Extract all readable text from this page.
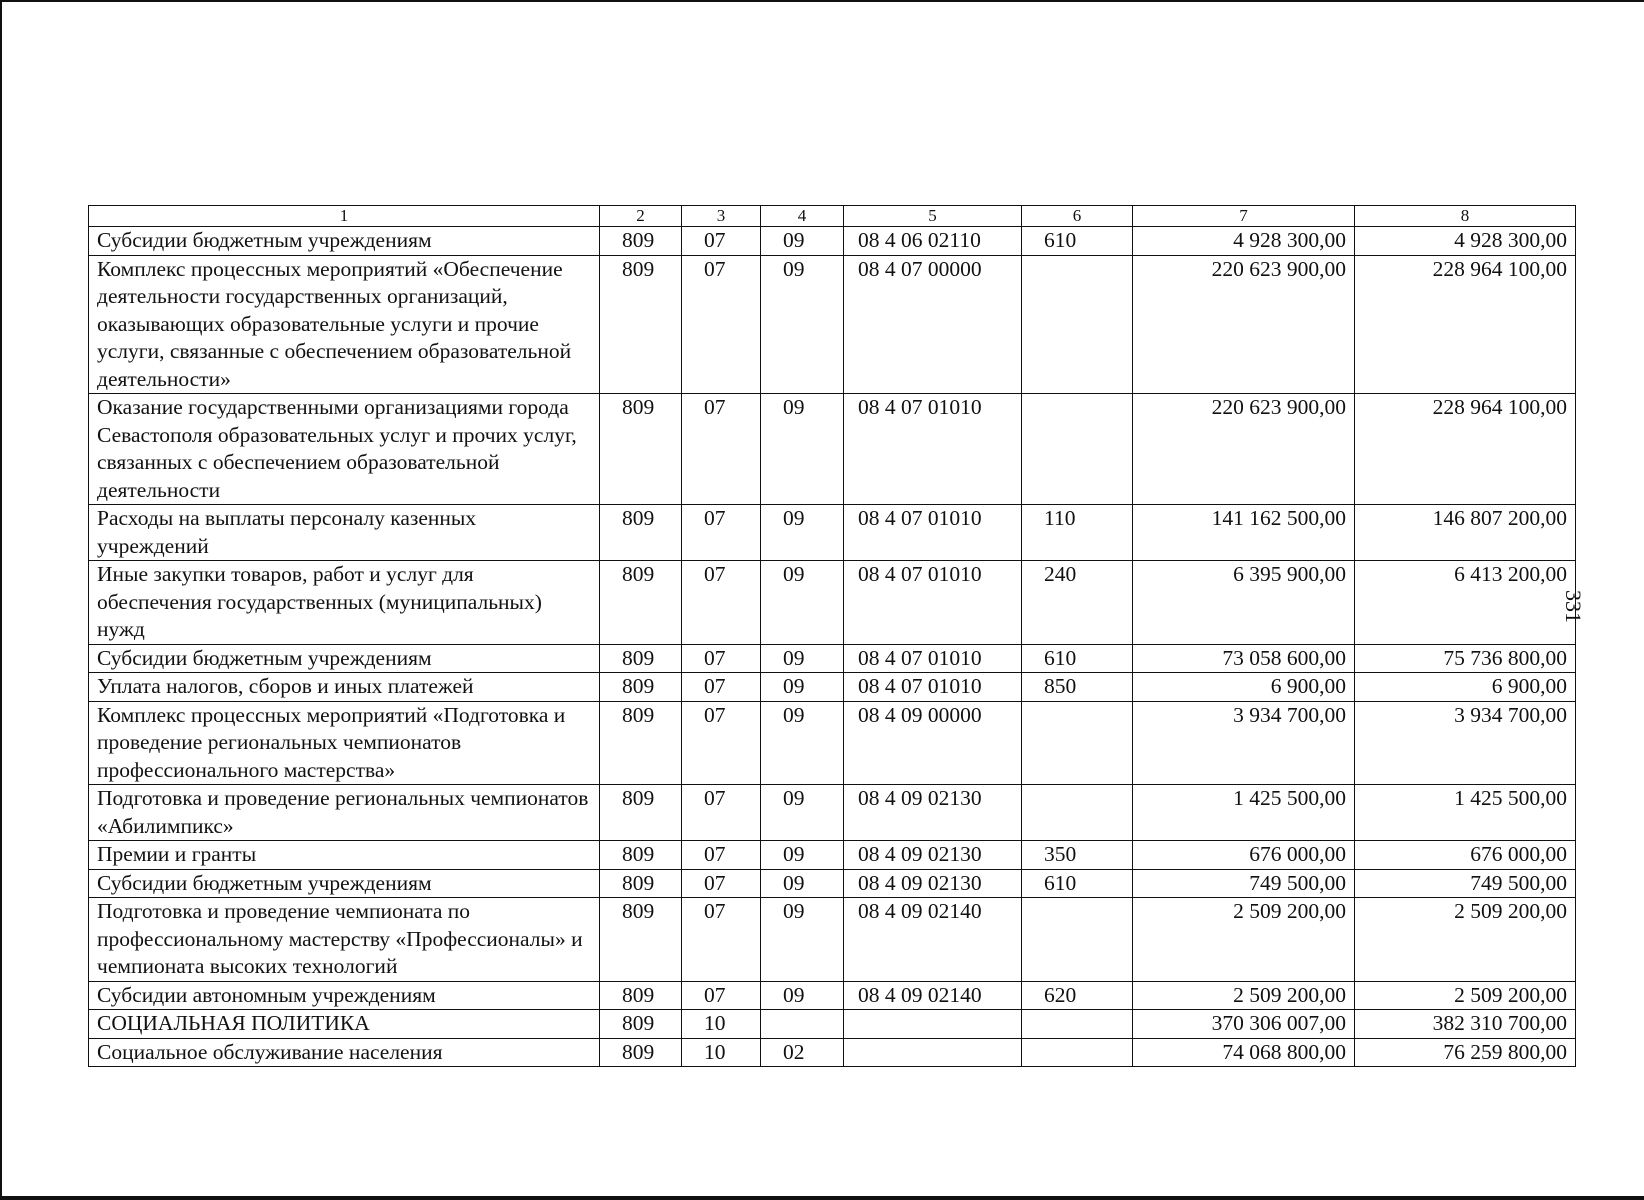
1	2	3	4	5	6	7	8
Субсидии бюджетным учреждениям	809	07	09	08 4 06 02110	610	4 928 300,00	4 928 300,00
Комплекс процессных мероприятий «Обеспечение деятельности государственных организаций, оказывающих образовательные услуги и прочие услуги, связанные с обеспечением образовательной деятельности»	809	07	09	08 4 07 00000		220 623 900,00	228 964 100,00
Оказание государственными организациями города Севастополя образовательных услуг и прочих услуг, связанных с обеспечением образовательной деятельности	809	07	09	08 4 07 01010		220 623 900,00	228 964 100,00
Расходы на выплаты персоналу казенных учреждений	809	07	09	08 4 07 01010	110	141 162 500,00	146 807 200,00
Иные закупки товаров, работ и услуг для обеспечения государственных (муниципальных) нужд	809	07	09	08 4 07 01010	240	6 395 900,00	6 413 200,00
Субсидии бюджетным учреждениям	809	07	09	08 4 07 01010	610	73 058 600,00	75 736 800,00
Уплата налогов, сборов и иных платежей	809	07	09	08 4 07 01010	850	6 900,00	6 900,00
Комплекс процессных мероприятий «Подготовка и проведение региональных чемпионатов профессионального мастерства»	809	07	09	08 4 09 00000		3 934 700,00	3 934 700,00
Подготовка и проведение региональных чемпионатов «Абилимпикс»	809	07	09	08 4 09 02130		1 425 500,00	1 425 500,00
Премии и гранты	809	07	09	08 4 09 02130	350	676 000,00	676 000,00
Субсидии бюджетным учреждениям	809	07	09	08 4 09 02130	610	749 500,00	749 500,00
Подготовка и проведение чемпионата по профессиональному мастерству «Профессионалы» и чемпионата высоких технологий	809	07	09	08 4 09 02140		2 509 200,00	2 509 200,00
Субсидии автономным учреждениям	809	07	09	08 4 09 02140	620	2 509 200,00	2 509 200,00
СОЦИАЛЬНАЯ ПОЛИТИКА	809	10				370 306 007,00	382 310 700,00
Социальное обслуживание населения	809	10	02			74 068 800,00	76 259 800,00
331
